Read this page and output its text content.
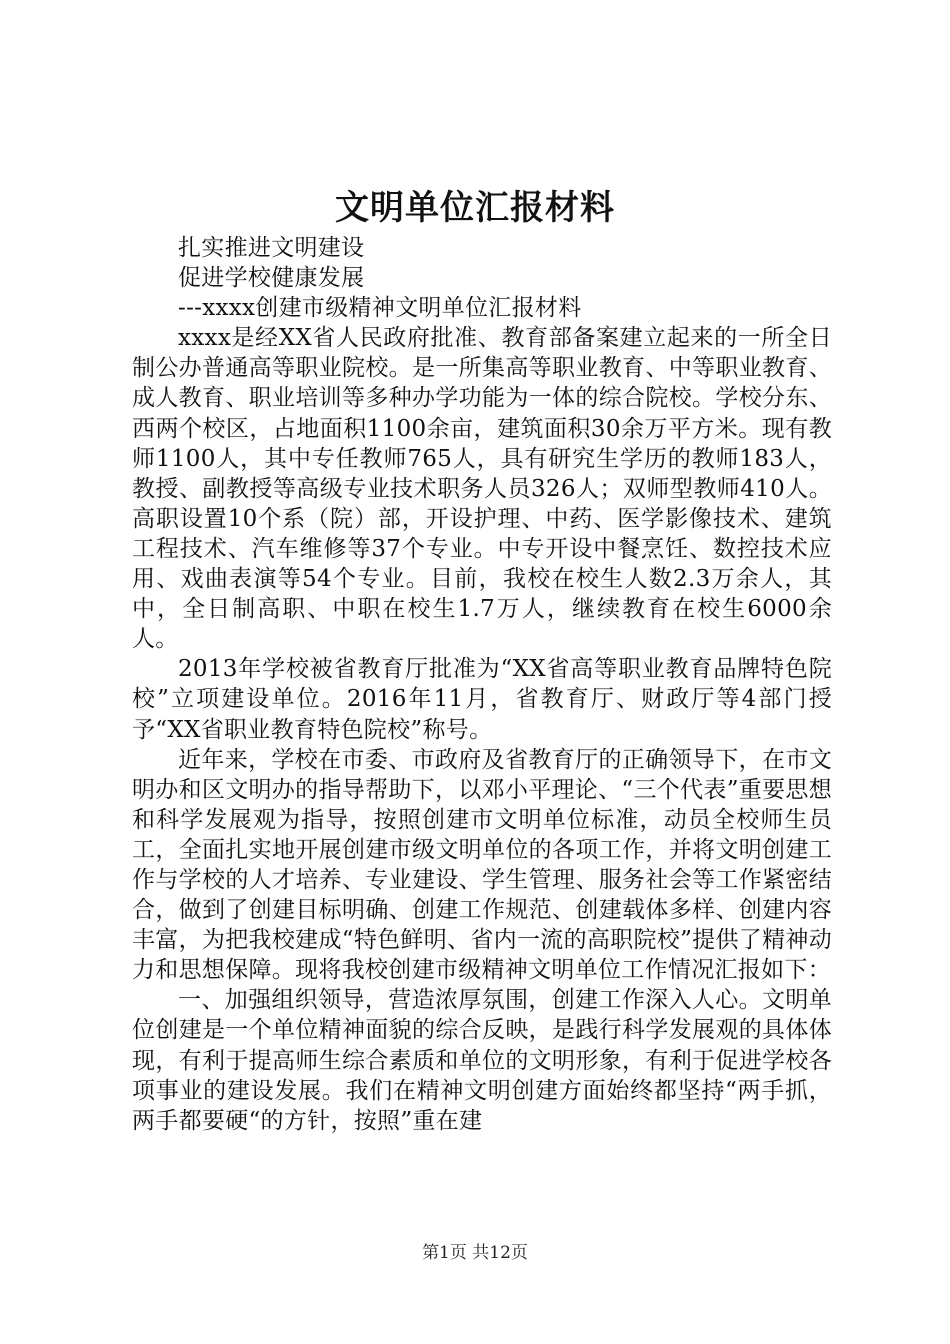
文明单位汇报材料

扎实推进文明建设

促进学校健康发展

---xxxx创建市级精神文明单位汇报材料

xxxx是经XX省人民政府批准、教育部备案建立起来的一所全日制公办普通高等职业院校。是一所集高等职业教育、中等职业教育、成人教育、职业培训等多种办学功能为一体的综合院校。学校分东、西两个校区，占地面积1100余亩，建筑面积30余万平方米。现有教师1100人，其中专任教师765人，具有研究生学历的教师183人，教授、副教授等高级专业技术职务人员326人；双师型教师410人。高职设置10个系（院）部，开设护理、中药、医学影像技术、建筑工程技术、汽车维修等37个专业。中专开设中餐烹饪、数控技术应用、戏曲表演等54个专业。目前，我校在校生人数2.3万余人，其中，全日制高职、中职在校生1.7万人，继续教育在校生6000余人。

2013年学校被省教育厅批准为“XX省高等职业教育品牌特色院校”立项建设单位。2016年11月，省教育厅、财政厅等4部门授予“XX省职业教育特色院校”称号。

近年来，学校在市委、市政府及省教育厅的正确领导下，在市文明办和区文明办的指导帮助下，以邓小平理论、“三个代表”重要思想和科学发展观为指导，按照创建市文明单位标准，动员全校师生员工，全面扎实地开展创建市级文明单位的各项工作，并将文明创建工作与学校的人才培养、专业建设、学生管理、服务社会等工作紧密结合，做到了创建目标明确、创建工作规范、创建载体多样、创建内容丰富，为把我校建成“特色鲜明、省内一流的高职院校”提供了精神动力和思想保障。现将我校创建市级精神文明单位工作情况汇报如下：

一、加强组织领导，营造浓厚氛围，创建工作深入人心。文明单位创建是一个单位精神面貌的综合反映，是践行科学发展观的具体体现，有利于提高师生综合素质和单位的文明形象，有利于促进学校各项事业的建设发展。我们在精神文明创建方面始终都坚持“两手抓，两手都要硬“的方针，按照”重在建

第1页 共12页
